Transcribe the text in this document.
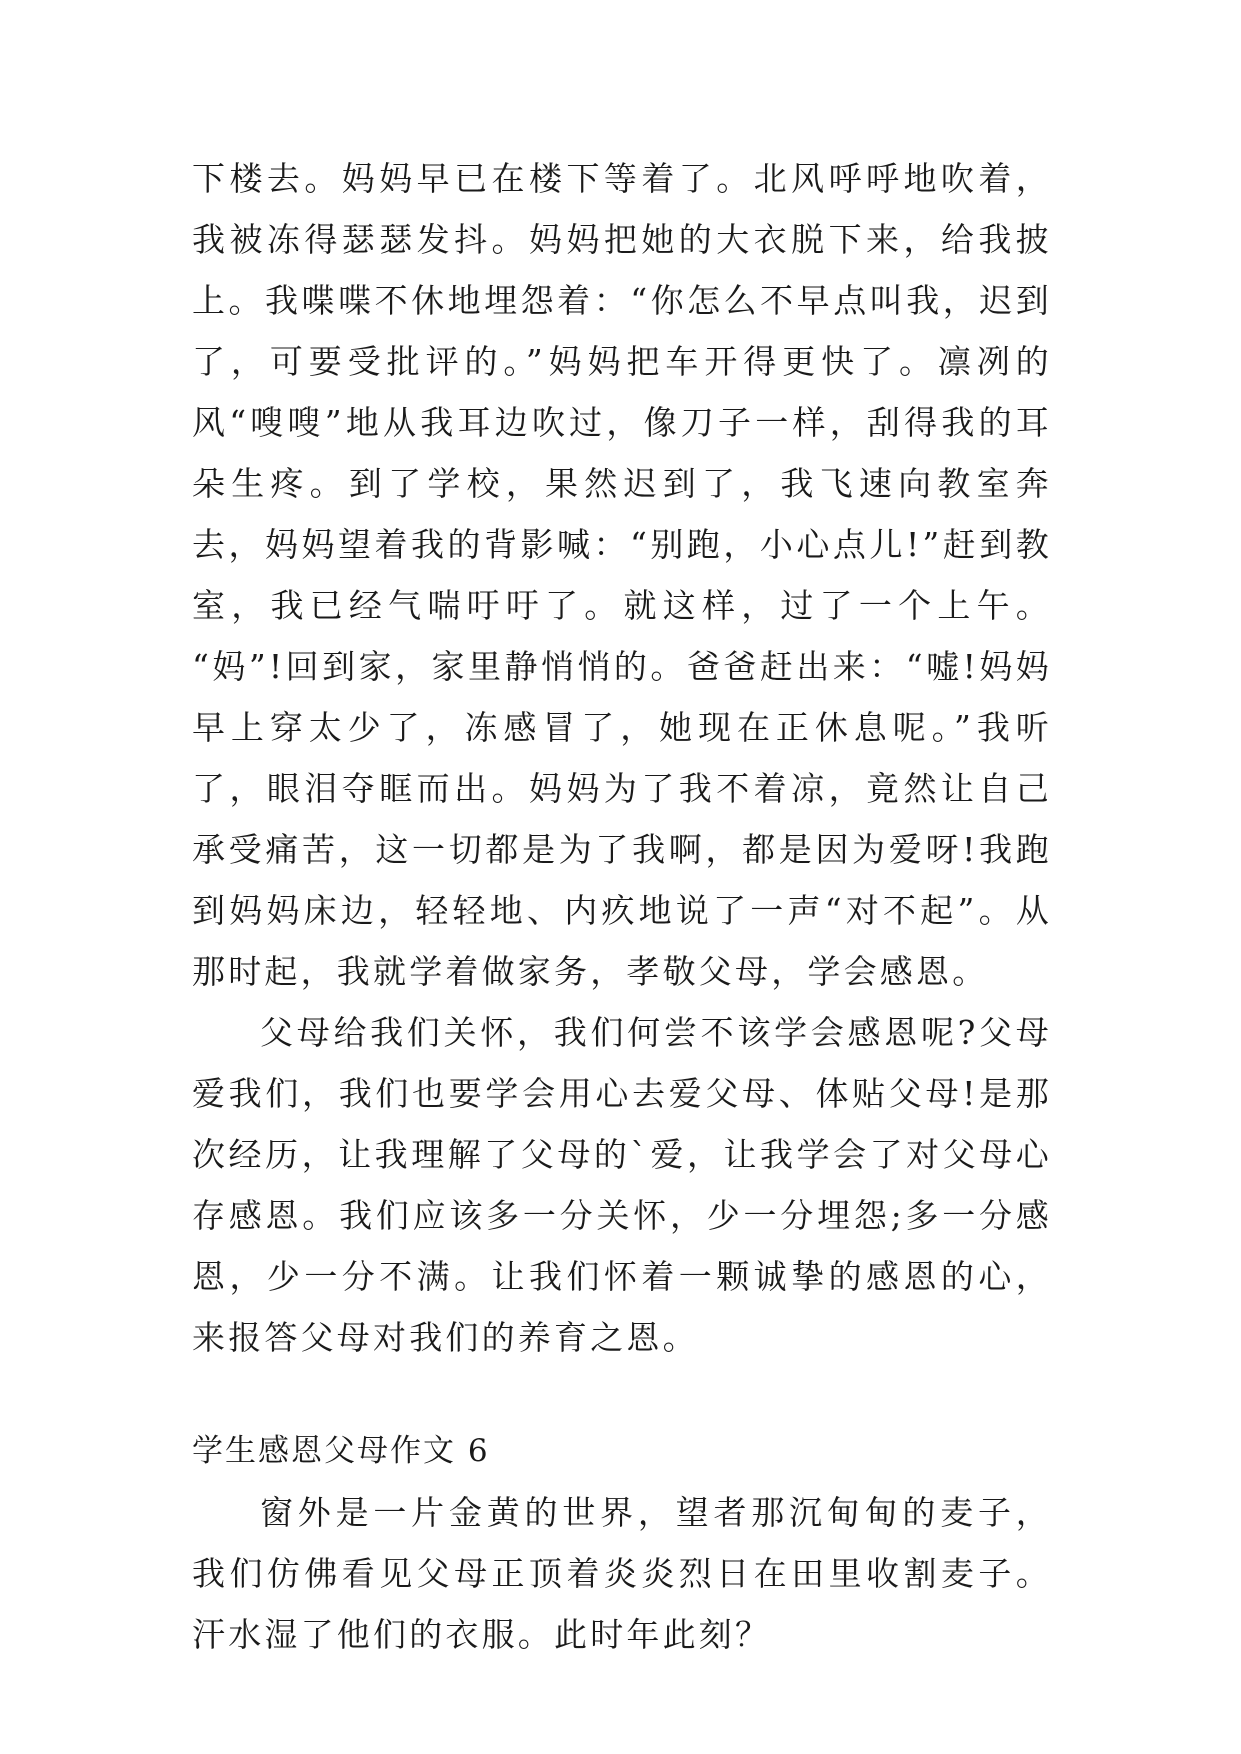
下楼去。妈妈早已在楼下等着了。北风呼呼地吹着，我被冻得瑟瑟发抖。妈妈把她的大衣脱下来，给我披上。我喋喋不休地埋怨着：“你怎么不早点叫我，迟到了，可要受批评的。”妈妈把车开得更快了。凛冽的风“嗖嗖”地从我耳边吹过，像刀子一样，刮得我的耳朵生疼。到了学校，果然迟到了，我飞速向教室奔去，妈妈望着我的背影喊：“别跑，小心点儿!”赶到教室，我已经气喘吁吁了。就这样，过了一个上午。 “妈”!回到家，家里静悄悄的。爸爸赶出来：“嘘!妈妈早上穿太少了，冻感冒了，她现在正休息呢。”我听了，眼泪夺眶而出。妈妈为了我不着凉，竟然让自己承受痛苦，这一切都是为了我啊，都是因为爱呀!我跑到妈妈床边，轻轻地、内疚地说了一声“对不起”。从那时起，我就学着做家务，孝敬父母，学会感恩。

父母给我们关怀，我们何尝不该学会感恩呢?父母爱我们，我们也要学会用心去爱父母、体贴父母!是那次经历，让我理解了父母的`爱，让我学会了对父母心存感恩。我们应该多一分关怀，少一分埋怨;多一分感恩，少一分不满。让我们怀着一颗诚挚的感恩的心，来报答父母对我们的养育之恩。

学生感恩父母作文 6

窗外是一片金黄的世界，望者那沉甸甸的麦子，我们仿佛看见父母正顶着炎炎烈日在田里收割麦子。汗水湿了他们的衣服。此时年此刻？
